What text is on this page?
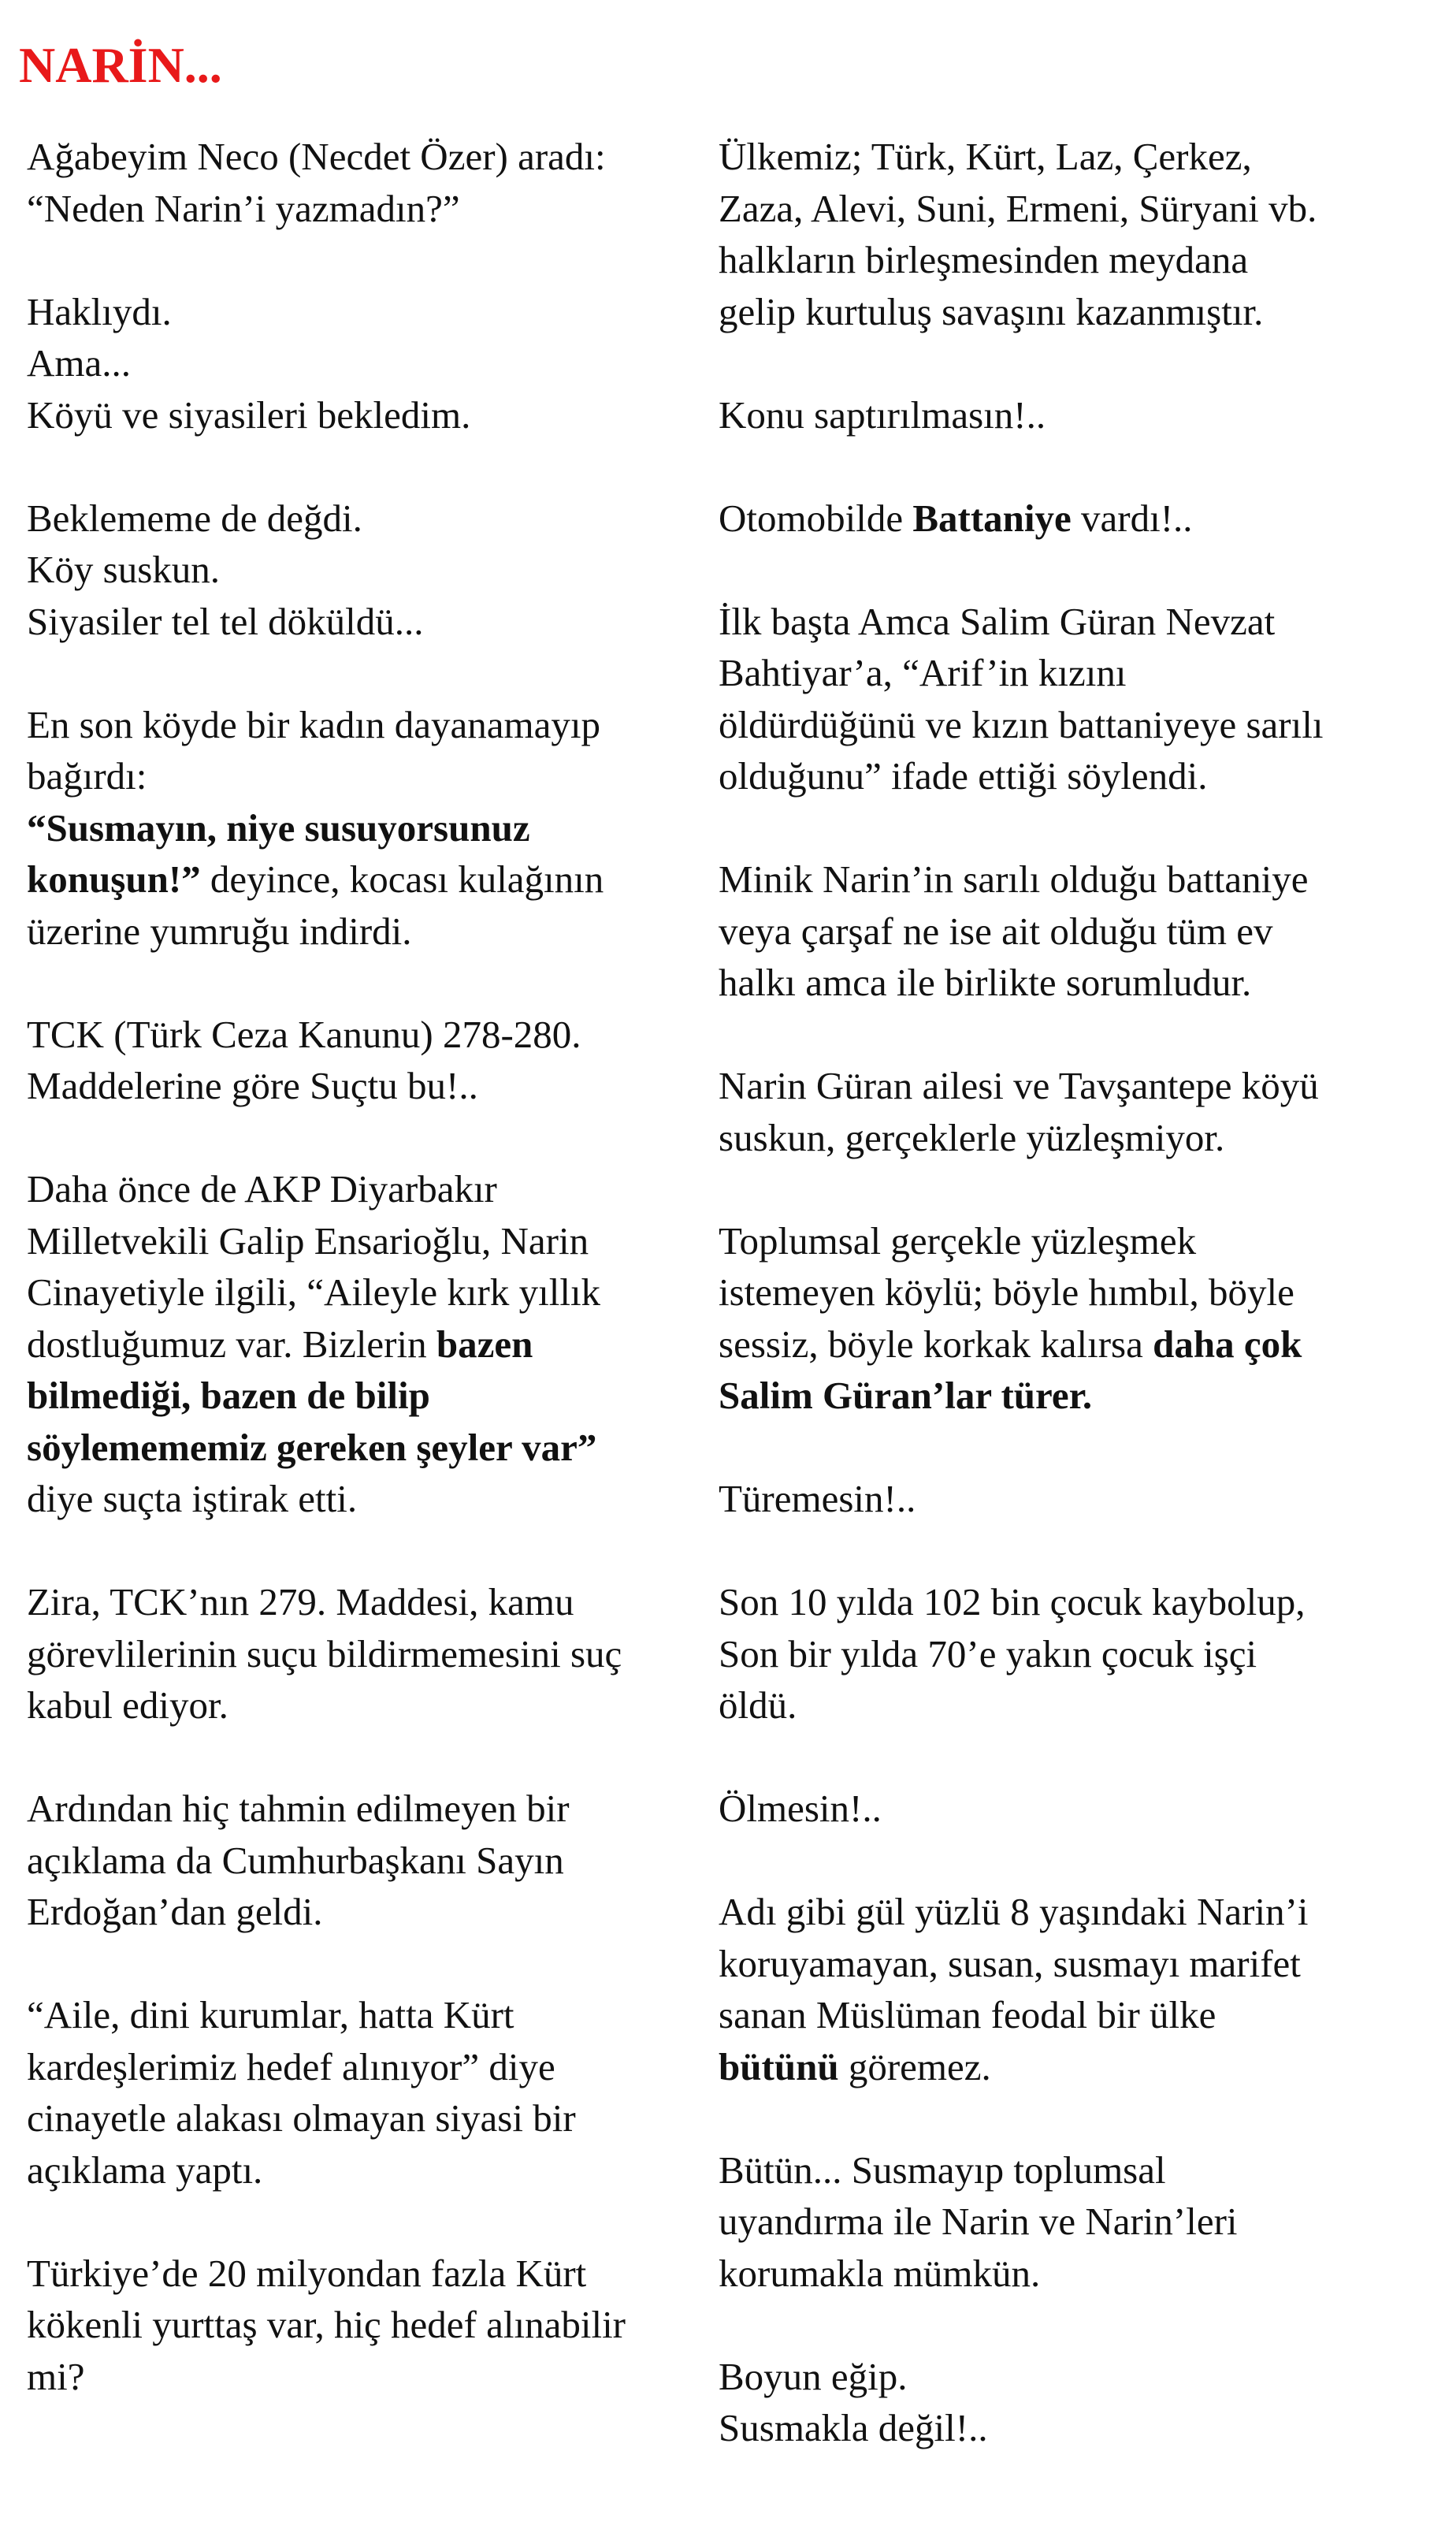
NARİN...

Ağabeyim Neco (Necdet Özer) aradı:
“Neden Narin’i yazmadın?”

Haklıydı.
Ama...
Köyü ve siyasileri bekledim.

Beklememe de değdi.
Köy suskun.
Siyasiler tel tel döküldü...

En son köyde bir kadın dayanamayıp
bağırdı:
“Susmayın, niye susuyorsunuz
konuşun!” deyince, kocası kulağının
üzerine yumruğu indirdi.

TCK (Türk Ceza Kanunu) 278-280.
Maddelerine göre Suçtu bu!..

Daha önce de AKP Diyarbakır
Milletvekili Galip Ensarioğlu, Narin
Cinayetiyle ilgili, “Aileyle kırk yıllık
dostluğumuz var. Bizlerin bazen
bilmediği, bazen de bilip
söylemememiz gereken şeyler var”
diye suçta iştirak etti.

Zira, TCK’nın 279. Maddesi, kamu
görevlilerinin suçu bildirmemesini suç
kabul ediyor.

Ardından hiç tahmin edilmeyen bir
açıklama da Cumhurbaşkanı Sayın
Erdoğan’dan geldi.

“Aile, dini kurumlar, hatta Kürt
kardeşlerimiz hedef alınıyor” diye
cinayetle alakası olmayan siyasi bir
açıklama yaptı.

Türkiye’de 20 milyondan fazla Kürt
kökenli yurttaş var, hiç hedef alınabilir
mi?

Ülkemiz; Türk, Kürt, Laz, Çerkez,
Zaza, Alevi, Suni, Ermeni, Süryani vb.
halkların birleşmesinden meydana
gelip kurtuluş savaşını kazanmıştır.

Konu saptırılmasın!..

Otomobilde Battaniye vardı!..

İlk başta Amca Salim Güran Nevzat
Bahtiyar’a, “Arif’in kızını
öldürdüğünü ve kızın battaniyeye sarılı
olduğunu” ifade ettiği söylendi.

Minik Narin’in sarılı olduğu battaniye
veya çarşaf ne ise ait olduğu tüm ev
halkı amca ile birlikte sorumludur.

Narin Güran ailesi ve Tavşantepe köyü
suskun, gerçeklerle yüzleşmiyor.

Toplumsal gerçekle yüzleşmek
istemeyen köylü; böyle hımbıl, böyle
sessiz, böyle korkak kalırsa daha çok
Salim Güran’lar türer.

Türemesin!..

Son 10 yılda 102 bin çocuk kaybolup,
Son bir yılda 70’e yakın çocuk işçi
öldü.

Ölmesin!..

Adı gibi gül yüzlü 8 yaşındaki Narin’i
koruyamayan, susan, susmayı marifet
sanan Müslüman feodal bir ülke
bütünü göremez.

Bütün... Susmayıp toplumsal
uyandırma ile Narin ve Narin’leri
korumakla mümkün.

Boyun eğip.
Susmakla değil!..
